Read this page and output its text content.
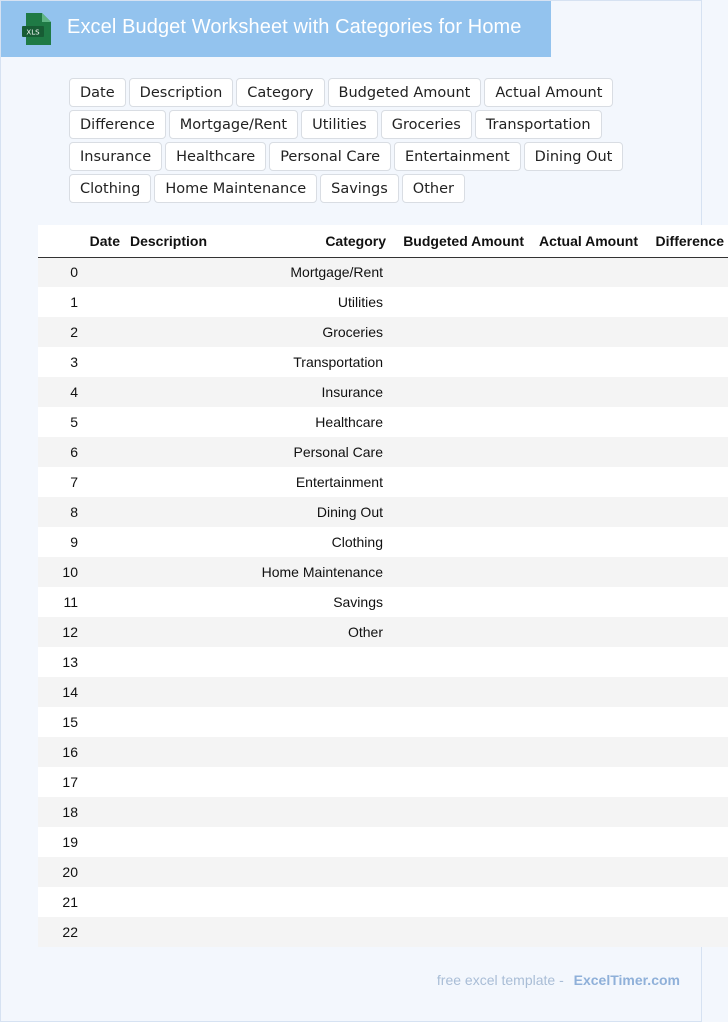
XLS Excel Budget Worksheet with Categories for Home
Date	Description	Category	Budgeted Amount	Actual Amount
Difference	Mortgage/Rent	Utilities	Groceries	Transportation
Insurance	Healthcare	Personal Care	Entertainment	Dining Out
Clothing	Home Maintenance	Savings	Other
	Date	Description	Category	Budgeted Amount	Actual Amount	Difference
0			Mortgage/Rent			
1			Utilities			
2			Groceries			
3			Transportation			
4			Insurance			
5			Healthcare			
6			Personal Care			
7			Entertainment			
8			Dining Out			
9			Clothing			
10			Home Maintenance			
11			Savings			
12			Other			
13						
14						
15						
16						
17						
18						
19						
20						
21						
22						
free excel template - ExcelTimer.com
